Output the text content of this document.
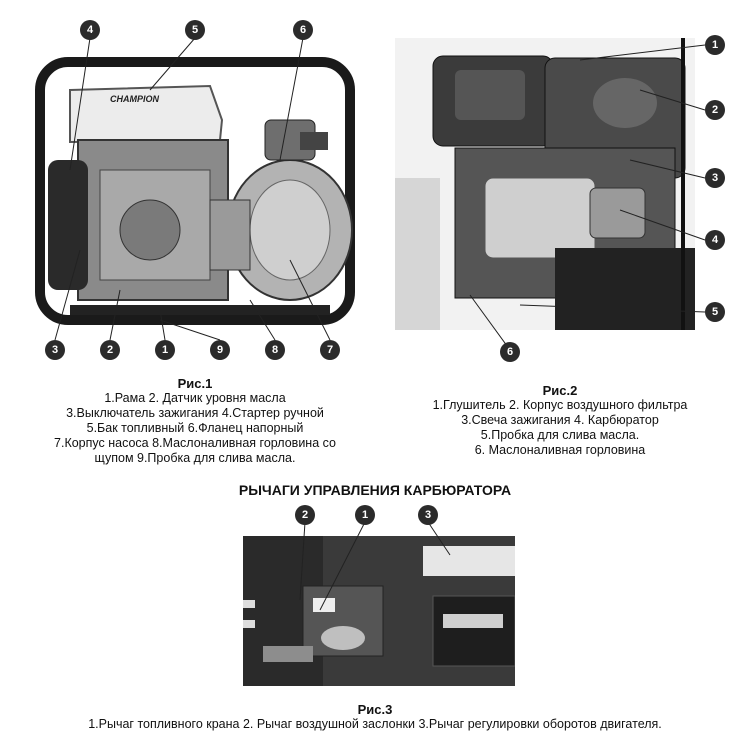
CHAMPION
4	5	6
3	2	1	9	8	7
1
2
3
4
5
6
2	1	3
Рис.1
1.Рама 2. Датчик уровня масла
3.Выключатель зажигания 4.Стартер ручной
5.Бак топливный 6.Фланец напорный
7.Корпус насоса 8.Маслоналивная горловина со
щупом 9.Пробка для слива масла.
Рис.2
1.Глушитель 2. Корпус воздушного фильтра
3.Свеча зажигания 4. Карбюратор
5.Пробка для слива масла.
6. Маслоналивная горловина
РЫЧАГИ УПРАВЛЕНИЯ КАРБЮРАТОРА
Рис.3
1.Рычаг топливного крана 2. Рычаг воздушной заслонки 3.Рычаг регулировки оборотов двигателя.
